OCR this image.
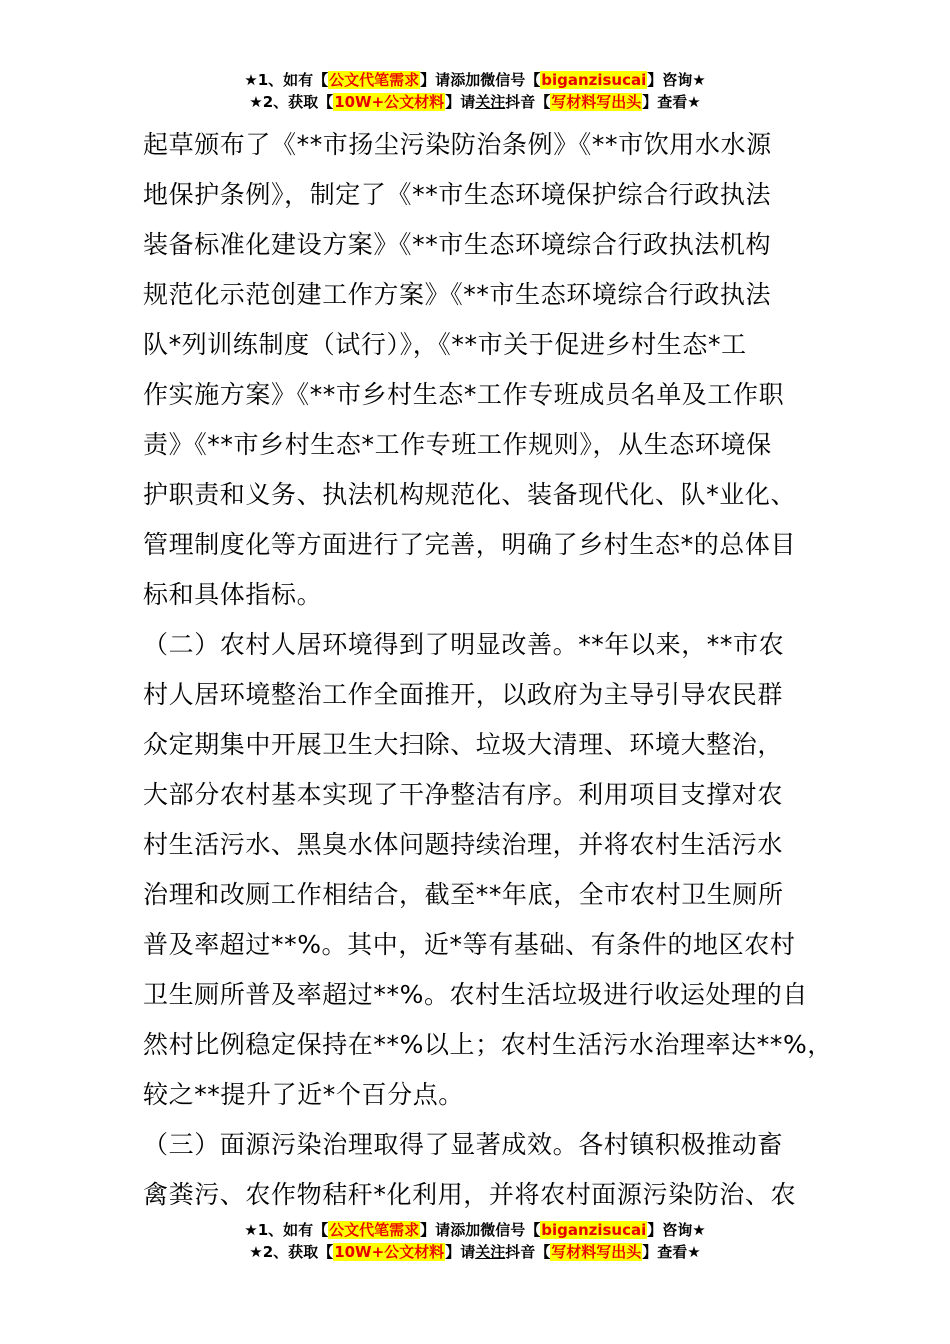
★1、如有【公文代笔需求】请添加微信号【biganzisucai】咨询★
★2、获取【10W+公文材料】请关注抖音【写材料写出头】查看★
起草颁布了《**市扬尘污染防治条例》《**市饮用水水源
地保护条例》，制定了《**市生态环境保护综合行政执法
装备标准化建设方案》《**市生态环境综合行政执法机构
规范化示范创建工作方案》《**市生态环境综合行政执法
队*列训练制度（试行）》，《**市关于促进乡村生态*工
作实施方案》《**市乡村生态*工作专班成员名单及工作职
责》《**市乡村生态*工作专班工作规则》，从生态环境保
护职责和义务、执法机构规范化、装备现代化、队*业化、
管理制度化等方面进行了完善，明确了乡村生态*的总体目
标和具体指标。
（二）农村人居环境得到了明显改善。**年以来，**市农
村人居环境整治工作全面推开，以政府为主导引导农民群
众定期集中开展卫生大扫除、垃圾大清理、环境大整治，
大部分农村基本实现了干净整洁有序。利用项目支撑对农
村生活污水、黑臭水体问题持续治理，并将农村生活污水
治理和改厕工作相结合，截至**年底，全市农村卫生厕所
普及率超过**%。其中，近*等有基础、有条件的地区农村
卫生厕所普及率超过**%。农村生活垃圾进行收运处理的自
然村比例稳定保持在**%以上；农村生活污水治理率达**%，
较之**提升了近*个百分点。
（三）面源污染治理取得了显著成效。各村镇积极推动畜
禽粪污、农作物秸秆*化利用，并将农村面源污染防治、农
★1、如有【公文代笔需求】请添加微信号【biganzisucai】咨询★
★2、获取【10W+公文材料】请关注抖音【写材料写出头】查看★
